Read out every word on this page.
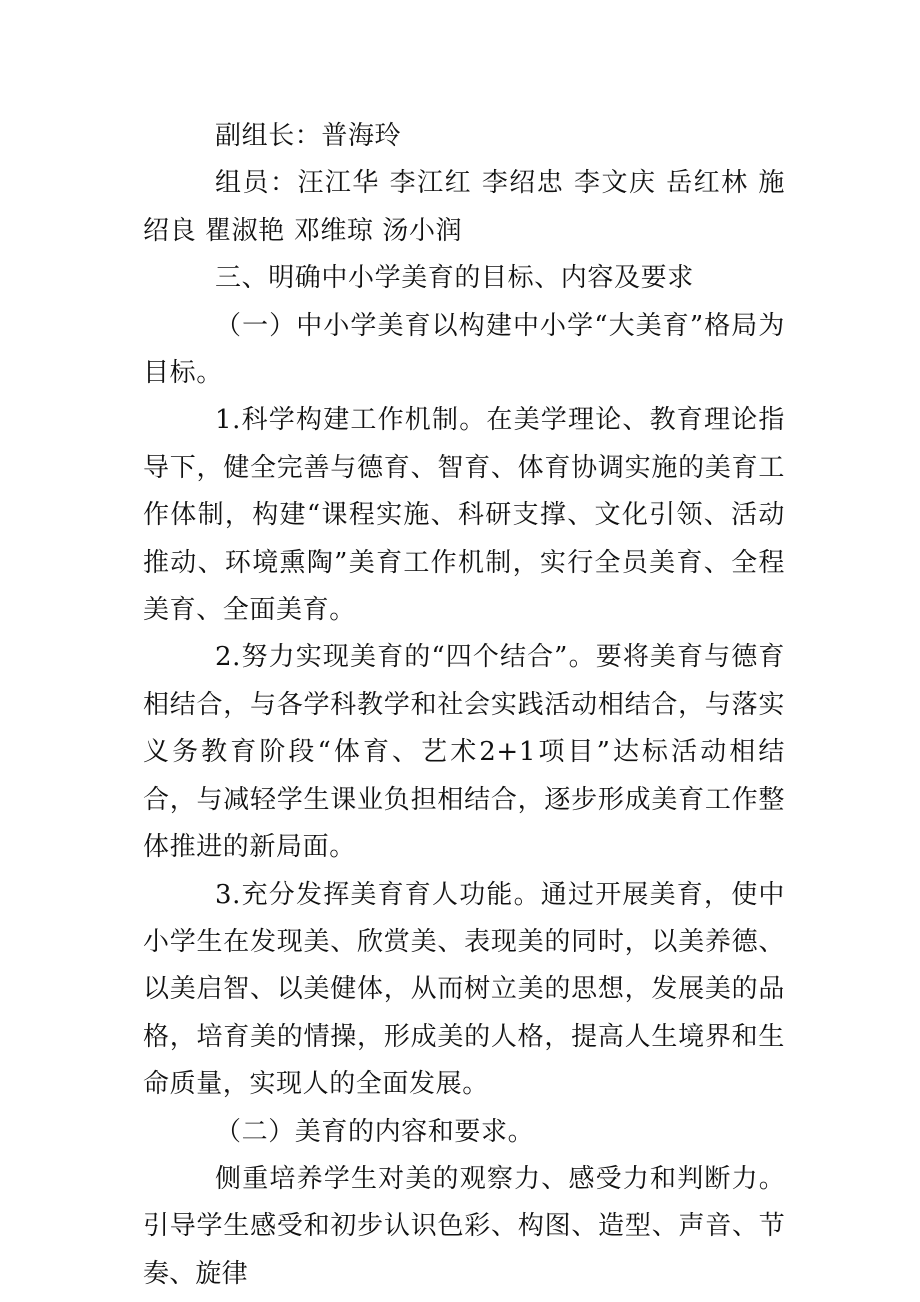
副组长：普海玲

组员：汪江华 李江红 李绍忠 李文庆 岳红林 施绍良 瞿淑艳 邓维琼 汤小润

三、明确中小学美育的目标、内容及要求

（一）中小学美育以构建中小学“大美育”格局为目标。

1.科学构建工作机制。在美学理论、教育理论指导下，健全完善与德育、智育、体育协调实施的美育工作体制，构建“课程实施、科研支撑、文化引领、活动推动、环境熏陶”美育工作机制，实行全员美育、全程美育、全面美育。

2.努力实现美育的“四个结合”。要将美育与德育相结合，与各学科教学和社会实践活动相结合，与落实义务教育阶段“体育、艺术2+1项目”达标活动相结合，与减轻学生课业负担相结合，逐步形成美育工作整体推进的新局面。

3.充分发挥美育育人功能。通过开展美育，使中小学生在发现美、欣赏美、表现美的同时，以美养德、以美启智、以美健体，从而树立美的思想，发展美的品格，培育美的情操，形成美的人格，提高人生境界和生命质量，实现人的全面发展。

（二）美育的内容和要求。

侧重培养学生对美的观察力、感受力和判断力。引导学生感受和初步认识色彩、构图、造型、声音、节奏、旋律
